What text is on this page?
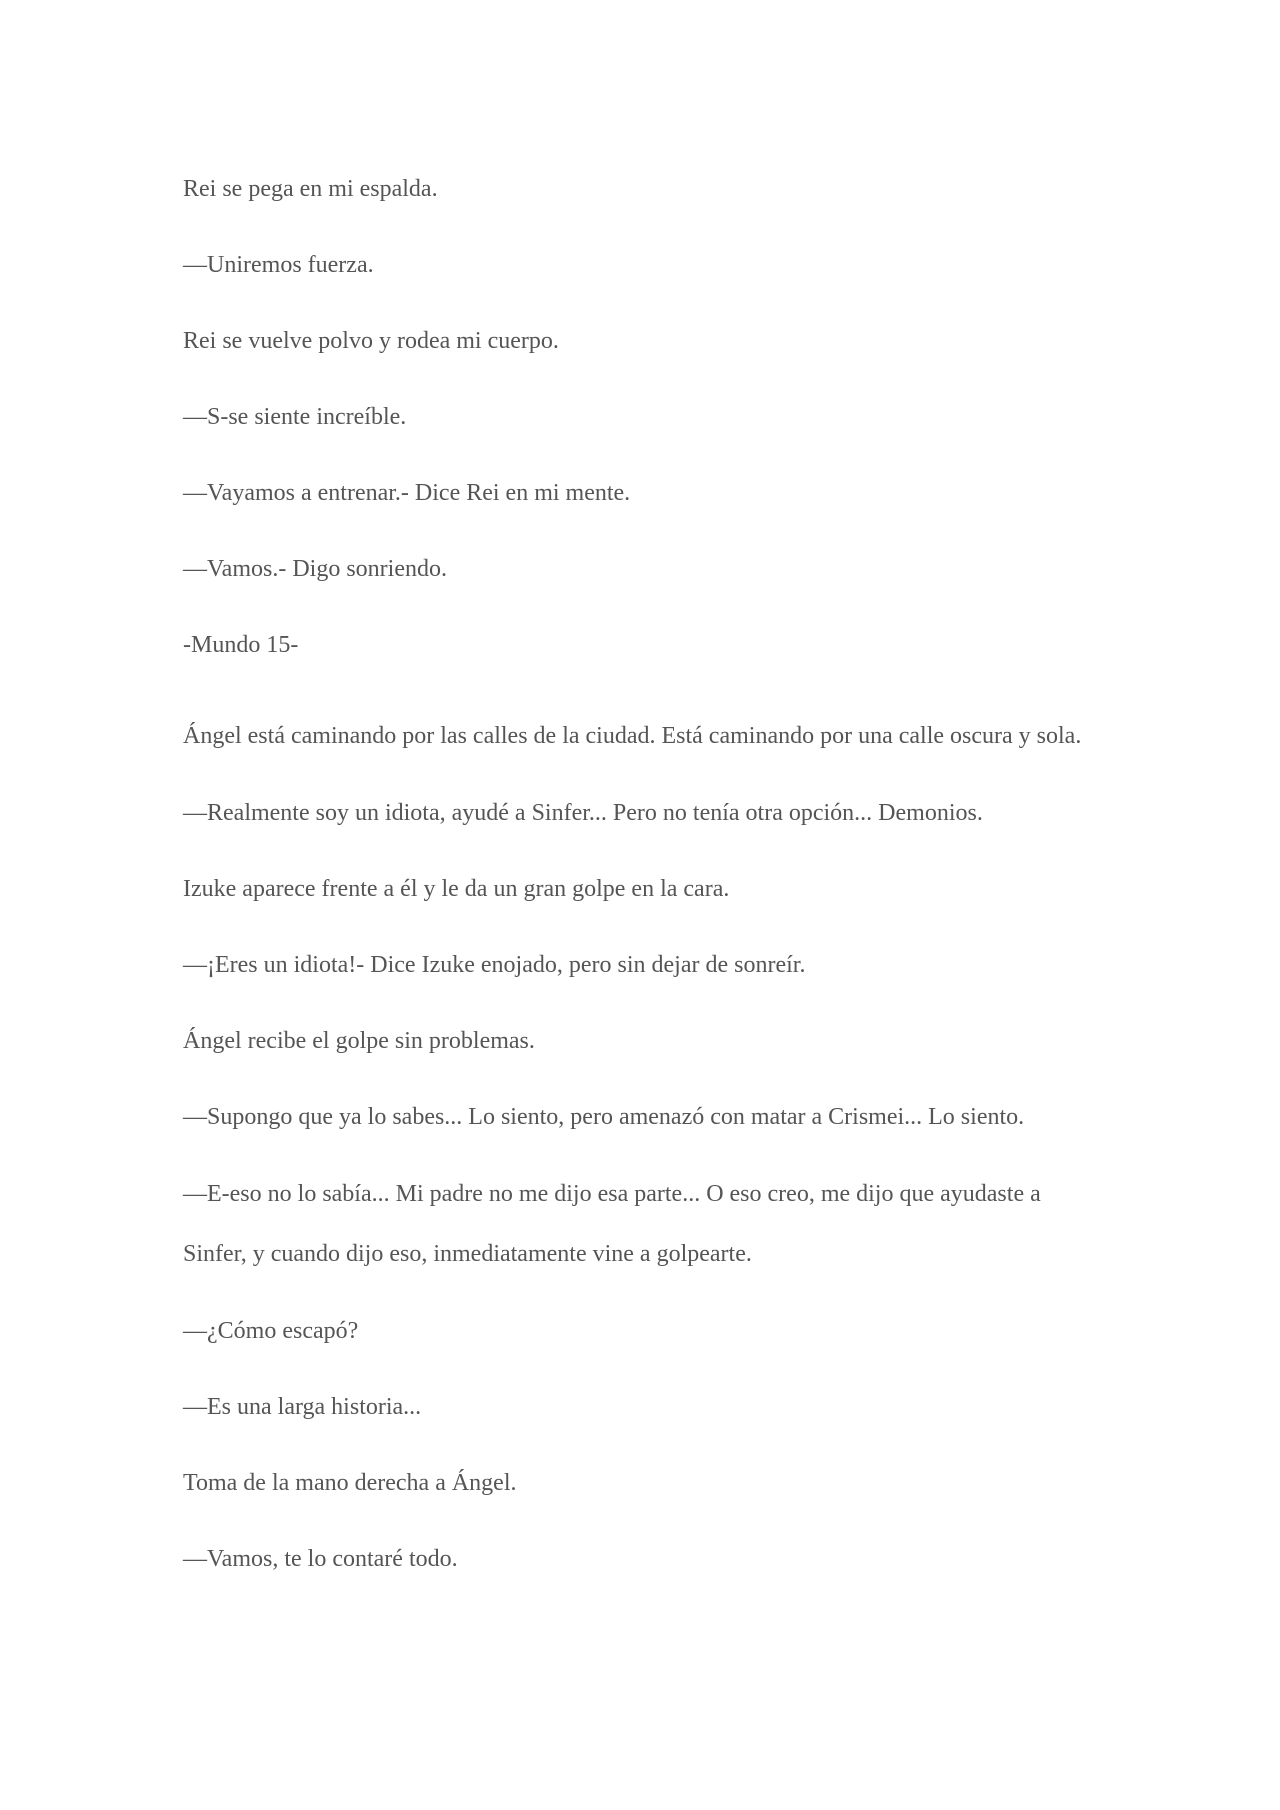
Rei se pega en mi espalda.

—Uniremos fuerza.

Rei se vuelve polvo y rodea mi cuerpo.

—S-se siente increíble.

—Vayamos a entrenar.- Dice Rei en mi mente.

—Vamos.- Digo sonriendo.

-Mundo 15-

Ángel está caminando por las calles de la ciudad. Está caminando por una calle oscura y sola.

—Realmente soy un idiota, ayudé a Sinfer... Pero no tenía otra opción... Demonios.

Izuke aparece frente a él y le da un gran golpe en la cara.

—¡Eres un idiota!- Dice Izuke enojado, pero sin dejar de sonreír.

Ángel recibe el golpe sin problemas.

—Supongo que ya lo sabes... Lo siento, pero amenazó con matar a Crismei... Lo siento.

—E-eso no lo sabía... Mi padre no me dijo esa parte... O eso creo, me dijo que ayudaste a Sinfer, y cuando dijo eso, inmediatamente vine a golpearte.

—¿Cómo escapó?

—Es una larga historia...

Toma de la mano derecha a Ángel.

—Vamos, te lo contaré todo.
